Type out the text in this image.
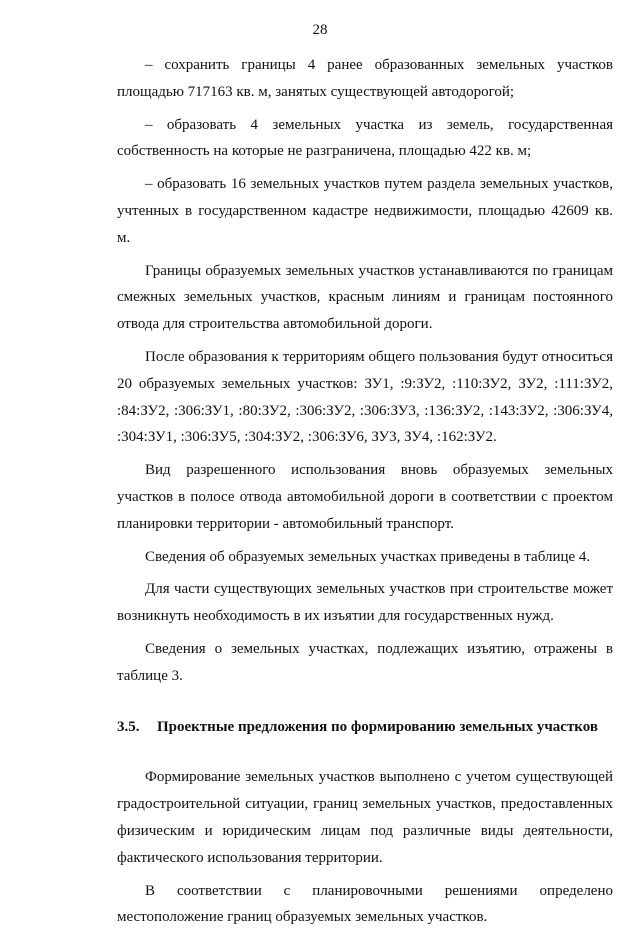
28

– сохранить границы 4 ранее образованных земельных участков площадью 717163 кв. м, занятых существующей автодорогой;

– образовать 4 земельных участка из земель, государственная собственность на которые не разграничена, площадью 422 кв. м;

– образовать 16 земельных участков путем раздела земельных участков, учтенных в государственном кадастре недвижимости, площадью 42609 кв. м.

Границы образуемых земельных участков устанавливаются по границам смежных земельных участков, красным линиям и границам постоянного отвода для строительства автомобильной дороги.

После образования к территориям общего пользования будут относиться 20 образуемых земельных участков: ЗУ1, :9:ЗУ2, :110:ЗУ2, ЗУ2, :111:ЗУ2, :84:ЗУ2, :306:ЗУ1, :80:ЗУ2, :306:ЗУ2, :306:ЗУ3, :136:ЗУ2, :143:ЗУ2, :306:ЗУ4, :304:ЗУ1, :306:ЗУ5, :304:ЗУ2, :306:ЗУ6, ЗУ3, ЗУ4, :162:ЗУ2.

Вид разрешенного использования вновь образуемых земельных участков в полосе отвода автомобильной дороги в соответствии с проектом планировки территории - автомобильный транспорт.

Сведения об образуемых земельных участках приведены в таблице 4.

Для части существующих земельных участков при строительстве может возникнуть необходимость в их изъятии для государственных нужд.

Сведения о земельных участках, подлежащих изъятию, отражены в таблице 3.

3.5. Проектные предложения по формированию земельных участков

Формирование земельных участков выполнено с учетом существующей градостроительной ситуации, границ земельных участков, предоставленных физическим и юридическим лицам под различные виды деятельности, фактического использования территории.

В соответствии с планировочными решениями определено местоположение границ образуемых земельных участков.
